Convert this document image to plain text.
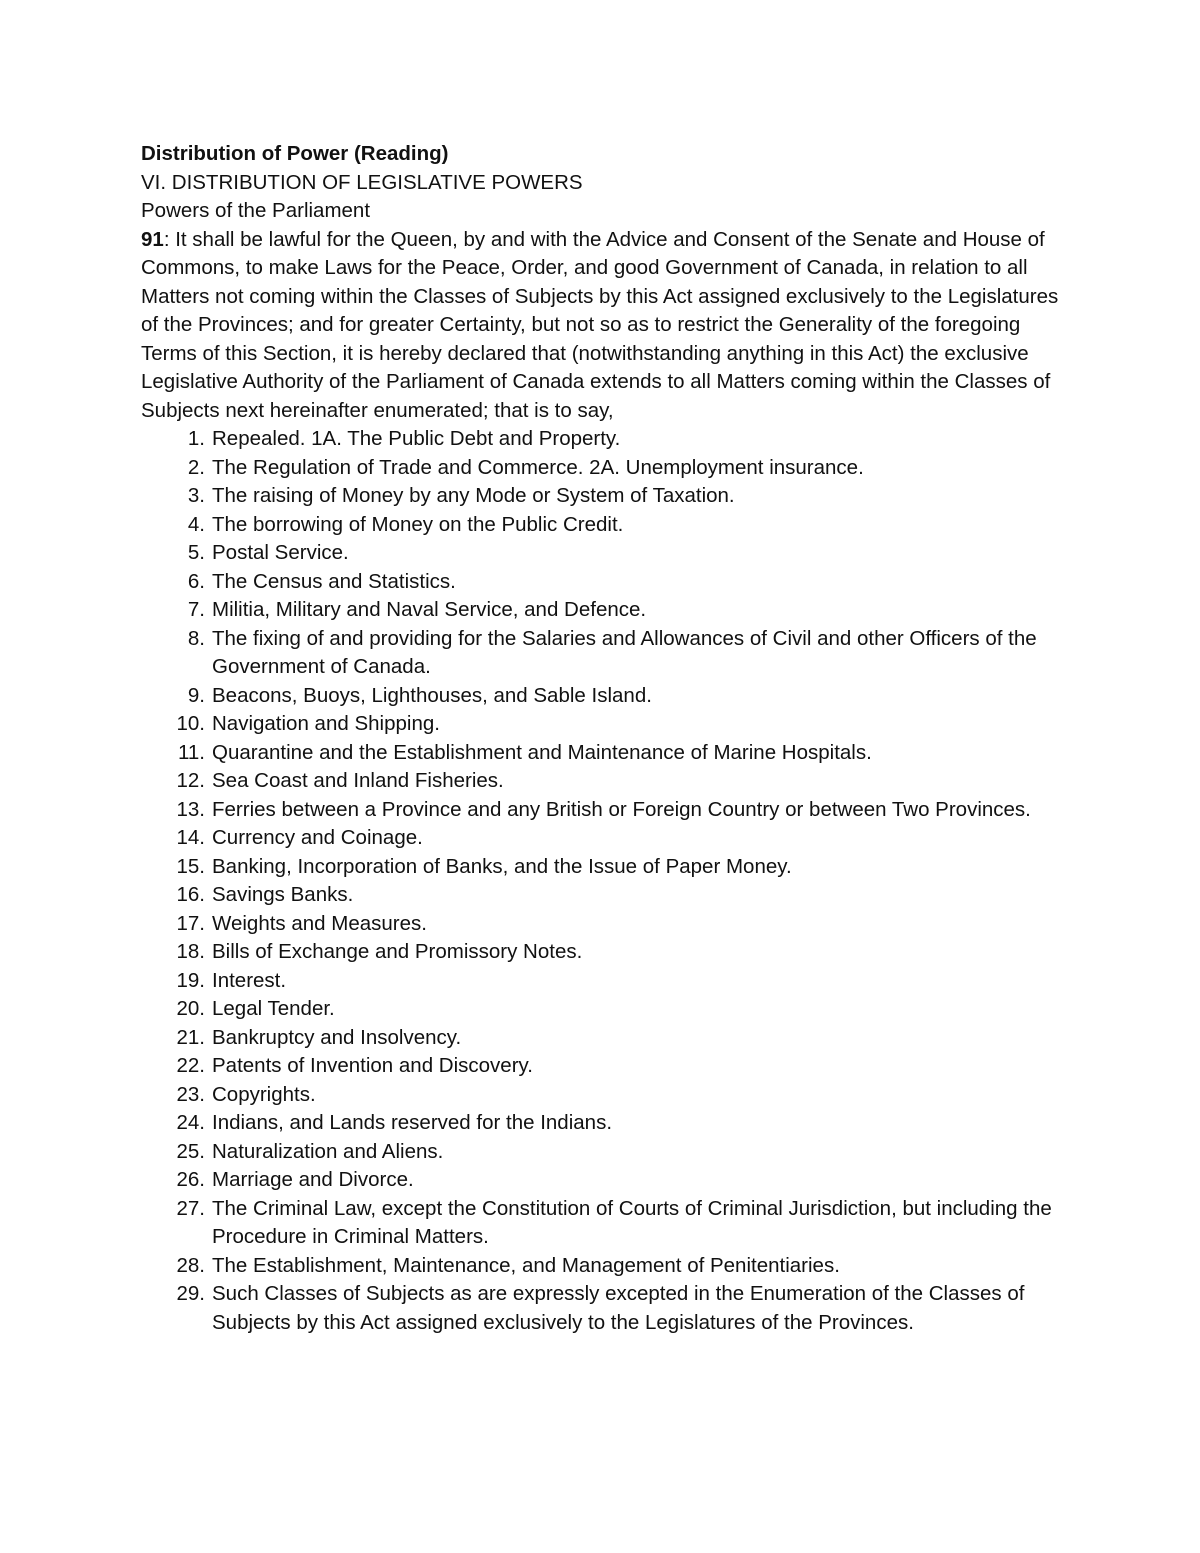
Distribution of Power (Reading)

VI. DISTRIBUTION OF LEGISLATIVE POWERS

Powers of the Parliament

91: It shall be lawful for the Queen, by and with the Advice and Consent of the Senate and House of Commons, to make Laws for the Peace, Order, and good Government of Canada, in relation to all Matters not coming within the Classes of Subjects by this Act assigned exclusively to the Legislatures of the Provinces; and for greater Certainty, but not so as to restrict the Generality of the foregoing Terms of this Section, it is hereby declared that (notwithstanding anything in this Act) the exclusive Legislative Authority of the Parliament of Canada extends to all Matters coming within the Classes of Subjects next hereinafter enumerated; that is to say,

1. Repealed. 1A. The Public Debt and Property.
2. The Regulation of Trade and Commerce. 2A. Unemployment insurance.
3. The raising of Money by any Mode or System of Taxation.
4. The borrowing of Money on the Public Credit.
5. Postal Service.
6. The Census and Statistics.
7. Militia, Military and Naval Service, and Defence.
8. The fixing of and providing for the Salaries and Allowances of Civil and other Officers of the Government of Canada.
9. Beacons, Buoys, Lighthouses, and Sable Island.
10. Navigation and Shipping.
11. Quarantine and the Establishment and Maintenance of Marine Hospitals.
12. Sea Coast and Inland Fisheries.
13. Ferries between a Province and any British or Foreign Country or between Two Provinces.
14. Currency and Coinage.
15. Banking, Incorporation of Banks, and the Issue of Paper Money.
16. Savings Banks.
17. Weights and Measures.
18. Bills of Exchange and Promissory Notes.
19. Interest.
20. Legal Tender.
21. Bankruptcy and Insolvency.
22. Patents of Invention and Discovery.
23. Copyrights.
24. Indians, and Lands reserved for the Indians.
25. Naturalization and Aliens.
26. Marriage and Divorce.
27. The Criminal Law, except the Constitution of Courts of Criminal Jurisdiction, but including the Procedure in Criminal Matters.
28. The Establishment, Maintenance, and Management of Penitentiaries.
29. Such Classes of Subjects as are expressly excepted in the Enumeration of the Classes of Subjects by this Act assigned exclusively to the Legislatures of the Provinces.
